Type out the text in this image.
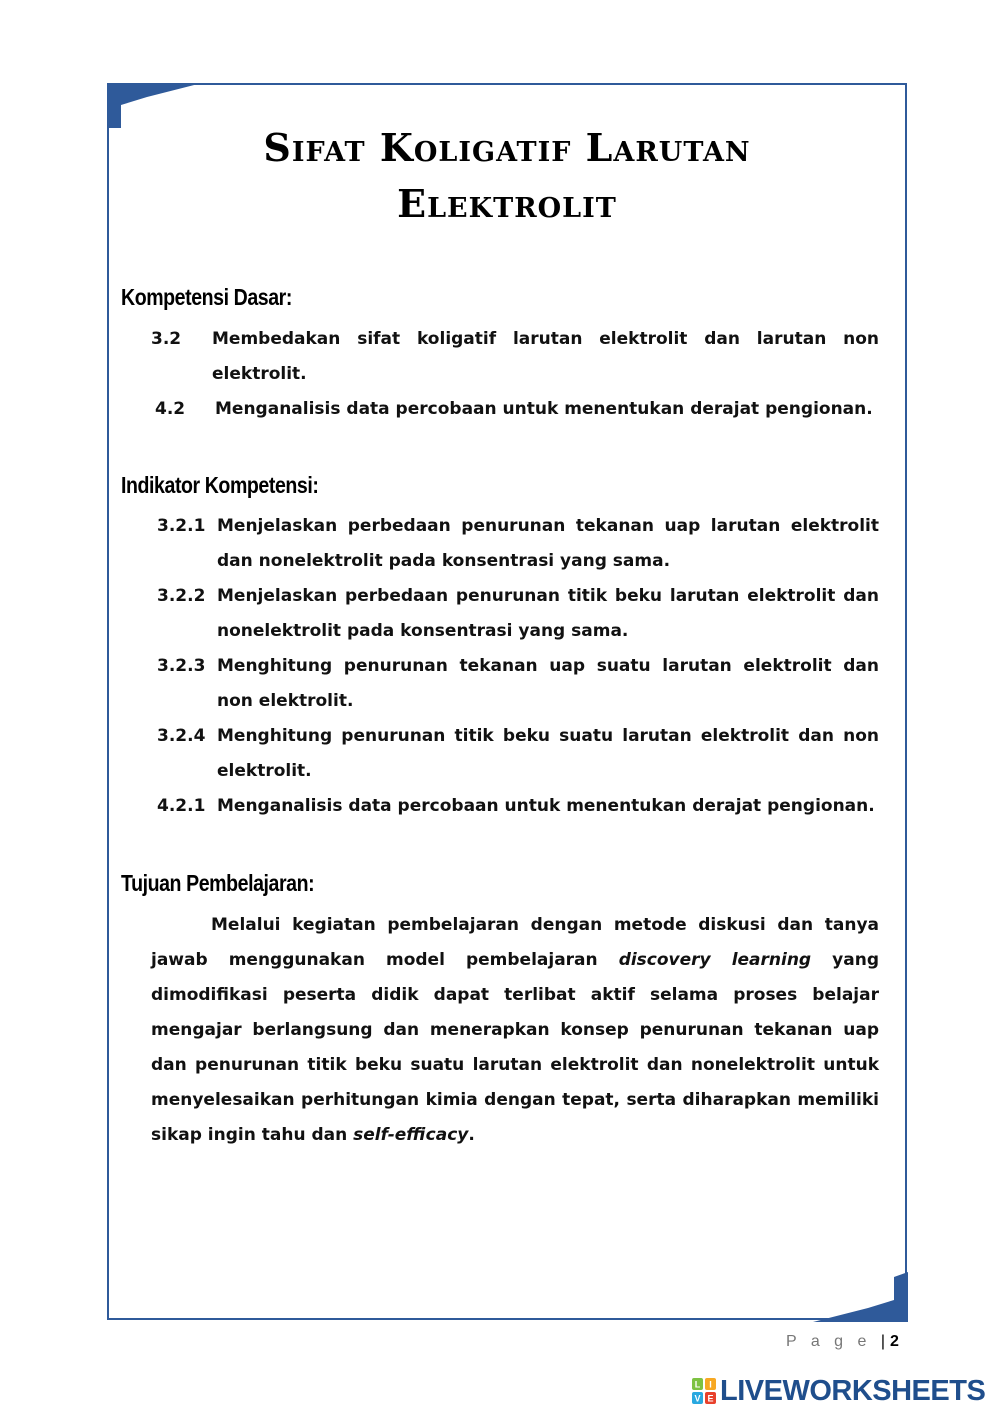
Sifat Koligatif Larutan
Elektrolit
Kompetensi Dasar:
3.2 Membedakan sifat koligatif larutan elektrolit dan larutan non elektrolit.
4.2 Menganalisis data percobaan untuk menentukan derajat pengionan.
Indikator Kompetensi:
3.2.1 Menjelaskan perbedaan penurunan tekanan uap larutan elektrolit dan nonelektrolit pada konsentrasi yang sama.
3.2.2 Menjelaskan perbedaan penurunan titik beku larutan elektrolit dan nonelektrolit pada konsentrasi yang sama.
3.2.3 Menghitung penurunan tekanan uap suatu larutan elektrolit dan non elektrolit.
3.2.4 Menghitung penurunan titik beku suatu larutan elektrolit dan non elektrolit.
4.2.1 Menganalisis data percobaan untuk menentukan derajat pengionan.
Tujuan Pembelajaran:
Melalui kegiatan pembelajaran dengan metode diskusi dan tanya jawab menggunakan model pembelajaran discovery learning yang dimodifikasi peserta didik dapat terlibat aktif selama proses belajar mengajar berlangsung dan menerapkan konsep penurunan tekanan uap dan penurunan titik beku suatu larutan elektrolit dan nonelektrolit untuk menyelesaikan perhitungan kimia dengan tepat, serta diharapkan memiliki sikap ingin tahu dan self-efficacy.
P a g e |2
L I
V E LIVEWORKSHEETS
